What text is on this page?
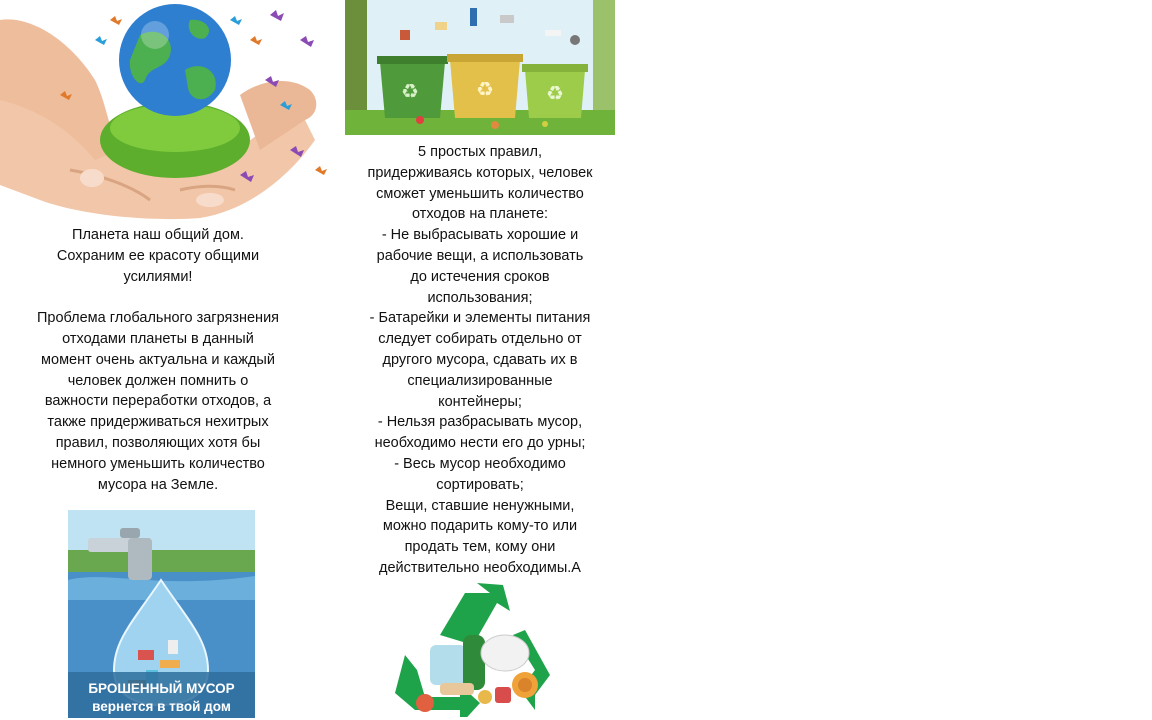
♻	♻	♻

Планета наш общий дом.
Сохраним ее красоту общими
усилиями!

Проблема глобального загрязнения
отходами планеты в данный
момент очень актуальна и каждый
человек должен помнить о
важности переработки отходов, а
также придерживаться нехитрых
правил, позволяющих хотя бы
немного уменьшить количество
мусора на Земле.

5 простых правил,
придерживаясь которых, человек
сможет уменьшить количество
отходов на планете:

- Не выбрасывать хорошие и
рабочие вещи, а использовать
до истечения сроков
использования;

- Батарейки и элементы питания
следует собирать отдельно от
другого мусора, сдавать их в
специализированные
контейнеры;

- Нельзя разбрасывать мусор,
необходимо нести его до урны;

- Весь мусор необходимо
сортировать;

Вещи, ставшие ненужными,
можно подарить кому-то или
продать тем, кому они
действительно необходимы.А

БРОШЕННЫЙ МУСОР
вернется в твой дом
